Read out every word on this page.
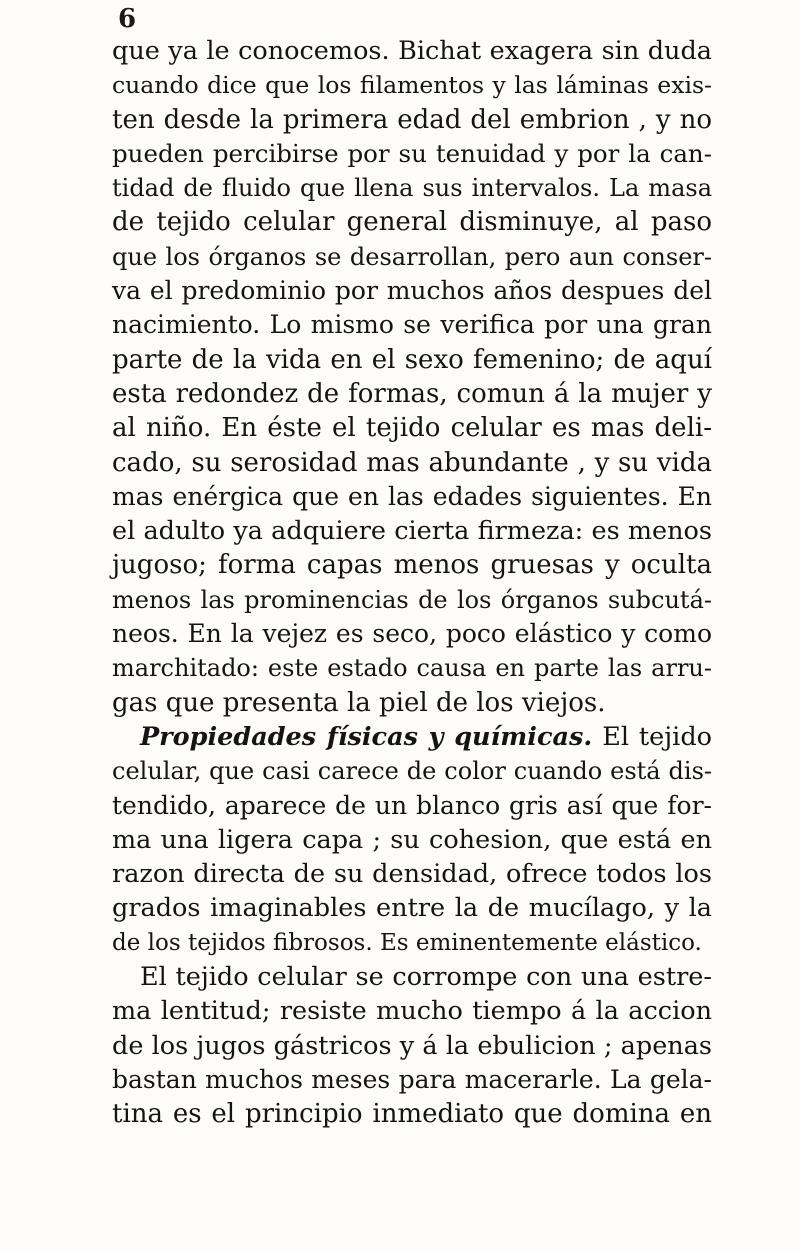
6
que ya le conocemos. Bichat exagera sin duda
cuando dice que los filamentos y las láminas exis-
ten desde la primera edad del embrion , y no
pueden percibirse por su tenuidad y por la can-
tidad de fluido que llena sus intervalos. La masa
de tejido celular general disminuye, al paso
que los órganos se desarrollan, pero aun conser-
va el predominio por muchos años despues del
nacimiento. Lo mismo se verifica por una gran
parte de la vida en el sexo femenino; de aquí
esta redondez de formas, comun á la mujer y
al niño. En éste el tejido celular es mas deli-
cado, su serosidad mas abundante , y su vida
mas enérgica que en las edades siguientes. En
el adulto ya adquiere cierta firmeza: es menos
jugoso; forma capas menos gruesas y oculta
menos las prominencias de los órganos subcutá-
neos. En la vejez es seco, poco elástico y como
marchitado: este estado causa en parte las arru-
gas que presenta la piel de los viejos.
Propiedades físicas y químicas. El tejido
celular, que casi carece de color cuando está dis-
tendido, aparece de un blanco gris así que for-
ma una ligera capa ; su cohesion, que está en
razon directa de su densidad, ofrece todos los
grados imaginables entre la de mucílago, y la
de los tejidos fibrosos. Es eminentemente elástico.
El tejido celular se corrompe con una estre-
ma lentitud; resiste mucho tiempo á la accion
de los jugos gástricos y á la ebulicion ; apenas
bastan muchos meses para macerarle. La gela-
tina es el principio inmediato que domina en
